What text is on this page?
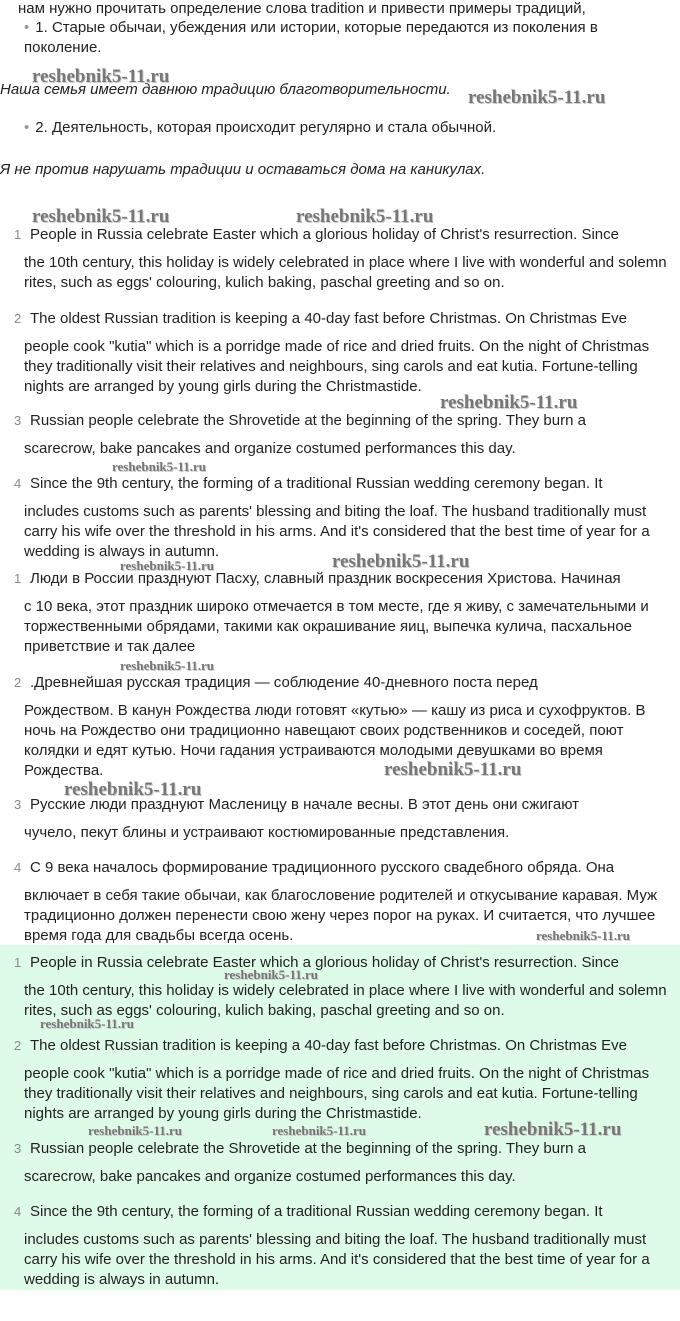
нам нужно прочитать определение слова tradition и привести примеры традиций,
• 1. Старые обычаи, убеждения или истории, которые передаются из поколения в поколение.
Наша семья имеет давнюю традицию благотворительности.
• 2. Деятельность, которая происходит регулярно и стала обычной.
Я не против нарушать традиции и оставаться дома на каникулах.
1 People in Russia celebrate Easter which a glorious holiday of Christ's resurrection. Since
the 10th century, this holiday is widely celebrated in place where I live with wonderful and solemn rites, such as eggs' colouring, kulich baking, paschal greeting and so on.
2 The oldest Russian tradition is keeping a 40-day fast before Christmas. On Christmas Eve
people cook "kutia" which is a porridge made of rice and dried fruits. On the night of Christmas they traditionally visit their relatives and neighbours, sing carols and eat kutia. Fortune-telling nights are arranged by young girls during the Christmastide.
3 Russian people celebrate the Shrovetide at the beginning of the spring. They burn a
scarecrow, bake pancakes and organize costumed performances this day.
4 Since the 9th century, the forming of a traditional Russian wedding ceremony began. It
includes customs such as parents' blessing and biting the loaf. The husband traditionally must carry his wife over the threshold in his arms. And it's considered that the best time of year for a wedding is always in autumn.
1 Люди в России празднуют Пасху, славный праздник воскресения Христова. Начиная
с 10 века, этот праздник широко отмечается в том месте, где я живу, с замечательными и торжественными обрядами, такими как окрашивание яиц, выпечка кулича, пасхальное приветствие и так далее
2 .Древнейшая русская традиция — соблюдение 40-дневного поста перед
Рождеством. В канун Рождества люди готовят «кутью» — кашу из риса и сухофруктов. В ночь на Рождество они традиционно навещают своих родственников и соседей, поют колядки и едят кутью. Ночи гадания устраиваются молодыми девушками во время Рождества.
3 Русские люди празднуют Масленицу в начале весны. В этот день они сжигают
чучело, пекут блины и устраивают костюмированные представления.
4 С 9 века началось формирование традиционного русского свадебного обряда. Она
включает в себя такие обычаи, как благословение родителей и откусывание каравая. Муж традиционно должен перенести свою жену через порог на руках. И считается, что лучшее время года для свадьбы всегда осень.
1 People in Russia celebrate Easter which a glorious holiday of Christ's resurrection. Since
the 10th century, this holiday is widely celebrated in place where I live with wonderful and solemn rites, such as eggs' colouring, kulich baking, paschal greeting and so on.
2 The oldest Russian tradition is keeping a 40-day fast before Christmas. On Christmas Eve
people cook "kutia" which is a porridge made of rice and dried fruits. On the night of Christmas they traditionally visit their relatives and neighbours, sing carols and eat kutia. Fortune-telling nights are arranged by young girls during the Christmastide.
3 Russian people celebrate the Shrovetide at the beginning of the spring. They burn a
scarecrow, bake pancakes and organize costumed performances this day.
4 Since the 9th century, the forming of a traditional Russian wedding ceremony began. It
includes customs such as parents' blessing and biting the loaf. The husband traditionally must carry his wife over the threshold in his arms. And it's considered that the best time of year for a wedding is always in autumn.
reshebnik5-11.ru
reshebnik5-11.ru
reshebnik5-11.ru	reshebnik5-11.ru
reshebnik5-11.ru
reshebnik5-11.ru
reshebnik5-11.ru	reshebnik5-11.ru
reshebnik5-11.ru
reshebnik5-11.ru
reshebnik5-11.ru
reshebnik5-11.ru
reshebnik5-11.ru
reshebnik5-11.ru
reshebnik5-11.ru	reshebnik5-11.ru	reshebnik5-11.ru
